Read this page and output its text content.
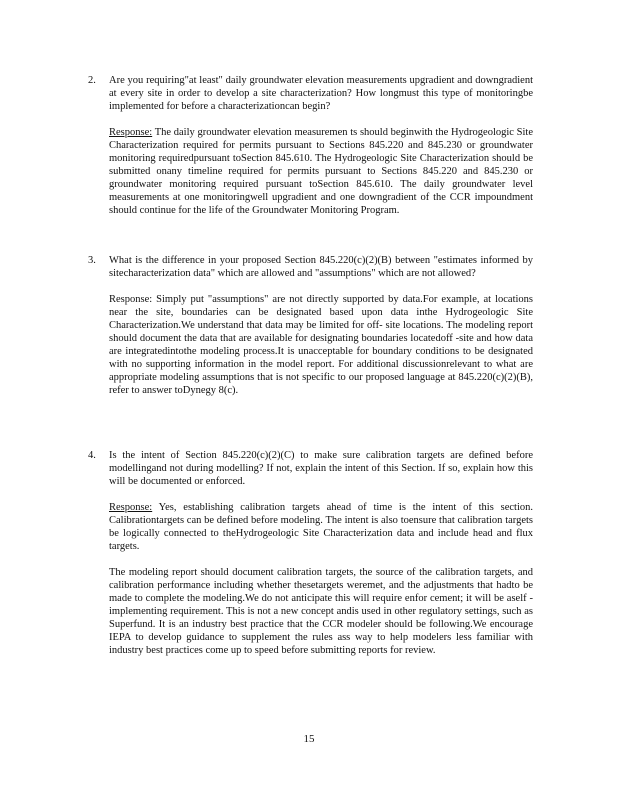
2. Are you requiring"at least" daily groundwater elevation measurements upgradient and downgradient at every site in order to develop a site characterization? How longmust this type of monitoringbe implemented for before a characterizationcan begin?

Response: The daily groundwater elevation measuremen ts should beginwith the Hydrogeologic Site Characterization required for permits pursuant to Sections 845.220 and 845.230 or groundwater monitoring requiredpursuant toSection 845.610. The Hydrogeologic Site Characterization should be submitted onany timeline required for permits pursuant to Sections 845.220 and 845.230 or groundwater monitoring required pursuant toSection 845.610. The daily groundwater level measurements at one monitoringwell upgradient and one downgradient of the CCR impoundment should continue for the life of the Groundwater Monitoring Program.

3. What is the difference in your proposed Section 845.220(c)(2)(B) between "estimates informed by sitecharacterization data" which are allowed and "assumptions" which are not allowed?

Response: Simply put "assumptions" are not directly supported by data.For example, at locations near the site, boundaries can be designated based upon data inthe Hydrogeologic Site Characterization.We understand that data may be limited for off- site locations. The modeling report should document the data that are available for designating boundaries locatedoff -site and how data are integratedintothe modeling process.It is unacceptable for boundary conditions to be designated with no supporting information in the model report. For additional discussionrelevant to what are appropriate modeling assumptions that is not specific to our proposed language at 845.220(c)(2)(B), refer to answer toDynegy 8(c).

4. Is the intent of Section 845.220(c)(2)(C) to make sure calibration targets are defined before modellingand not during modelling? If not, explain the intent of this Section. If so, explain how this will be documented or enforced.

Response: Yes, establishing calibration targets ahead of time is the intent of this section. Calibrationtargets can be defined before modeling. The intent is also toensure that calibration targets be logically connected to theHydrogeologic Site Characterization data and include head and flux targets.

The modeling report should document calibration targets, the source of the calibration targets, and calibration performance including whether thesetargets weremet, and the adjustments that hadto be made to complete the modeling.We do not anticipate this will require enfor cement; it will be aself -implementing requirement. This is not a new concept andis used in other regulatory settings, such as Superfund. It is an industry best practice that the CCR modeler should be following.We encourage IEPA to develop guidance to supplement the rules ass way to help modelers less familiar with industry best practices come up to speed before submitting reports for review.

15
